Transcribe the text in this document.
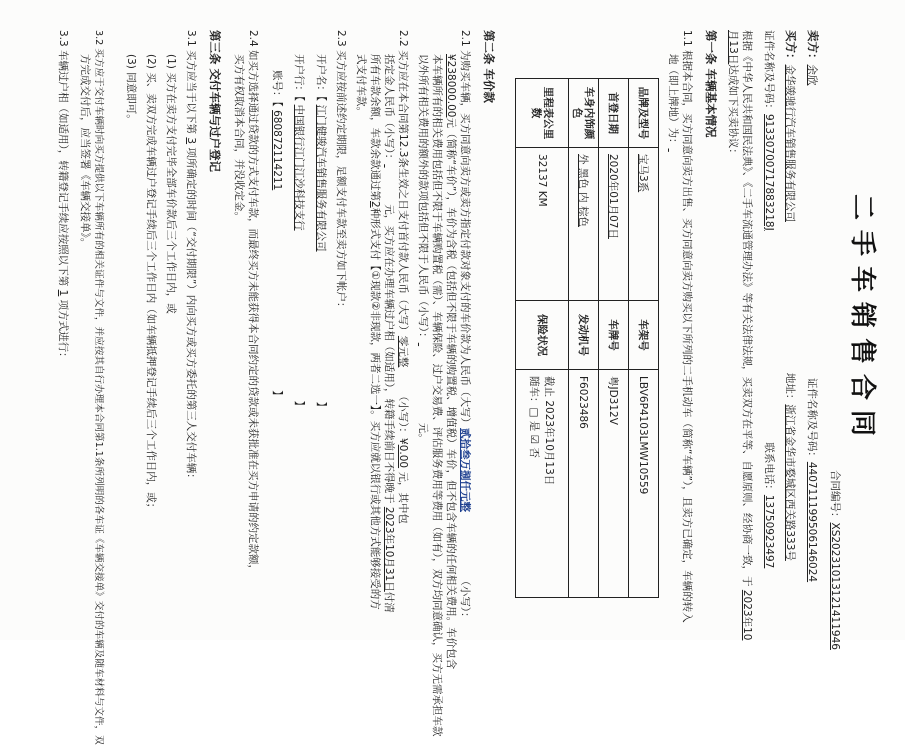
二手车销售合同
合同编号：XS20231013121411946
卖方：余欣 证件名称及号码：440711199506146024
买方：金华骏驰行汽车销售服务有限公司 地址：浙江省金华市婺城区西关路333号
证件名称及号码：91330700717883218J 联系电话：13750923497
根据《中华人民共和国民法典》、《二手车流通管理办法》等有关法律法规，买卖双方在平等、自愿原则、经协商一致，于 2023年10
月13日达成如下买卖协议：
第一条 车辆基本情况
1.1 根据本合同，买方同意向卖方出售、买方同意向卖方购买以下所列的二手机动车（简称“车辆”），且卖方已确定，车辆的转入
地（即上牌地）为：
品牌及型号	宝马3系	车架号	LBV6P4103LMW10559
首登日期	2020年01月07日	车牌号	粤JD312V
车身内饰颜色	外 黑色 内 棕色	发动机号	F6023486
里程表公里数	32137 KM	保险状况	截止 2023年10月13日
随车：□ 是 ☑ 否
第二条 车价款
2.1 为购买车辆，买方同意向卖方或卖方指定付款对象支付的车价款为人民币（大写）贰拾叁万捌仟元整 （小写）：
¥238000.00元（简称“车价”），车价为含税（包括但不限于车辆的购置税、增值税）车价，但不包含车辆的任何相关费用。车价包含
本车辆所有的相关费用包括但不限于车辆购置税（需）、车辆保险、过户交易费、评估服务费用等费用（如有），双方均同意确认，买方无需承担车款
以外所有相关费用的额外的款项包括但不限于人民币（小写）： 元。
2.2 买方应在本合同第12.3条生效之日支付首付款人民币（大写）零元整 （小写）：¥0.00 元，其中包
括定金人民币（小写）： 元，买方应在办理车辆过户相（如适用），转籍手续前日不得晚于 2023年10月31日付清
所有车款余额，车款余款通过第2种形式支付【①现款②非现款，两者二选一】。买方应就以银行或其他方式能够接受的方
式支付车款。
2.3 买方应按前述约定期限，足额支付车款至卖方如下帐户：
开户名：【 江门健骏汽车销售服务有限公司】
开户行：【 中国银行江门江沙科技支行】
账号：【 680872114211】
2.4 如买方选择通过贷款的方式支付车款，而最终买方未能获得本合同约定的贷款或未获批准在买方申请的约定款额，
买方有权取消本合同，并没收定金。
第三条 交付车辆与过户登记
3.1 买方应当于以下第 3 项所确定的时间（“交付期限”）内向买方或买方委托的第三人交付车辆：
(1) 买方在卖方支付完毕全部车价款后三个工作日内，或
(2) 买、卖双方完成车辆过户登记手续后三个工作日内（如车辆抵押登记手续后三个工作日内，或；
(3) 同意即可。
3.2 买方应于交付车辆时向买方提供以下车辆所有的相关证件与文件，并应按其自行办理本合同第1.1条所列明的各车证《车辆交接单》交付的车辆及随车材料与文件，双
方完成交付后，应当签署《车辆交接单》。
3.3 车辆过户相（如适用），转籍登记手续应按照以下第 1 项方式进行：
